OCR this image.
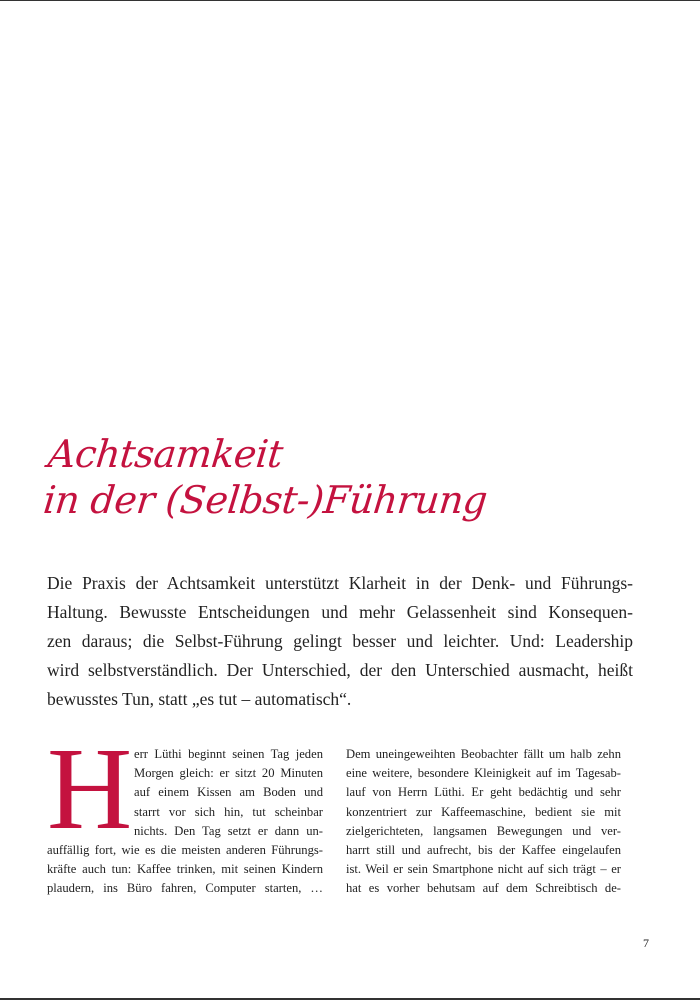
Achtsamkeit
in der (Selbst-)Führung
Die Praxis der Achtsamkeit unterstützt Klarheit in der Denk- und Führungs-
Haltung. Bewusste Entscheidungen und mehr Gelassenheit sind Konsequen-
zen daraus; die Selbst-Führung gelingt besser und leichter. Und: Leadership
wird selbstverständlich. Der Unterschied, der den Unterschied ausmacht, heißt
bewusstes Tun, statt „es tut – automatisch“.
H err Lüthi beginnt seinen Tag jeden
Morgen gleich: er sitzt 20 Minuten
auf einem Kissen am Boden und
starrt vor sich hin, tut scheinbar
nichts. Den Tag setzt er dann un-
auffällig fort, wie es die meisten anderen Führungs-
kräfte auch tun: Kaffee trinken, mit seinen Kindern
plaudern, ins Büro fahren, Computer starten, …
Dem uneingeweihten Beobachter fällt um halb zehn
eine weitere, besondere Kleinigkeit auf im Tagesab-
lauf von Herrn Lüthi. Er geht bedächtig und sehr
konzentriert zur Kaffeemaschine, bedient sie mit
zielgerichteten, langsamen Bewegungen und ver-
harrt still und aufrecht, bis der Kaffee eingelaufen
ist. Weil er sein Smartphone nicht auf sich trägt – er
hat es vorher behutsam auf dem Schreibtisch de-
7
